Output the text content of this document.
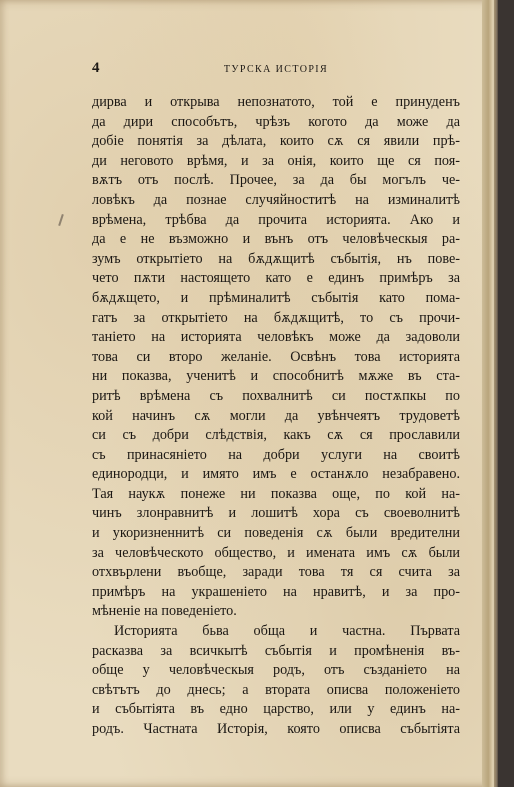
4	ТУРСКА ИСТОРІЯ
дирва и открыва непознатото, той е принуденъ
да дири способътъ, чрѣзъ когото да може да
добіе понятія за дѣлата, които сѫ ся явили прѣ-
ди неговото врѣмя, и за онія, които ще ся поя-
вѫтъ отъ послѣ. Прочее, за да бы могълъ че-
ловѣкъ да познае случяйноститѣ на изминалитѣ
врѣмена, трѣбва да прочита историята. Ако и
да е не възможно и вънъ отъ человѣческыя ра-
зумъ открытіето на бѫдѫщитѣ събытія, нъ пове-
чето пѫти настоящето като е единъ примѣръ за
бѫдѫщето, и прѣминалитѣ събытія като помa-
гатъ за открытіето на бѫдѫщитѣ, то съ прочи-
таніето на историята человѣкъ може да задоволи
това си второ желаніе. Освѣнъ това историята
ни показва, ученитѣ и способнитѣ мѫже въ ста-
ритѣ врѣмена съ похвалнитѣ си постѫпкы по
кой начинъ сѫ могли да увѣнчеятъ трудоветѣ
си съ добри слѣдствія, какъ сѫ ся прославили
съ принасяніето на добри услуги на своитѣ
единородци, и имято имъ е останѫло незабравено.
Тая наукѫ понеже ни показва още, по кой на-
чинъ злонравнитѣ и лошитѣ хора съ своеволнитѣ
и укоризненнитѣ си поведенія сѫ были вредителни
за человѣческото общество, и имената имъ сѫ были
отхвърлени въобще, заради това тя ся счита за
примѣръ на украшеніето на нравитѣ, и за про-
мѣненіе на поведеніето.
Историята бьва обща и частна. Първата
расказва за всичкытѣ събытія и промѣненія въ-
обще у человѣческыя родъ, отъ създаніето на
свѣтътъ до днесь; а вторатa описва положеніето
и събытіята въ едно царство, или у единъ на-
родъ. Частната Исторія, която описва събытіята
